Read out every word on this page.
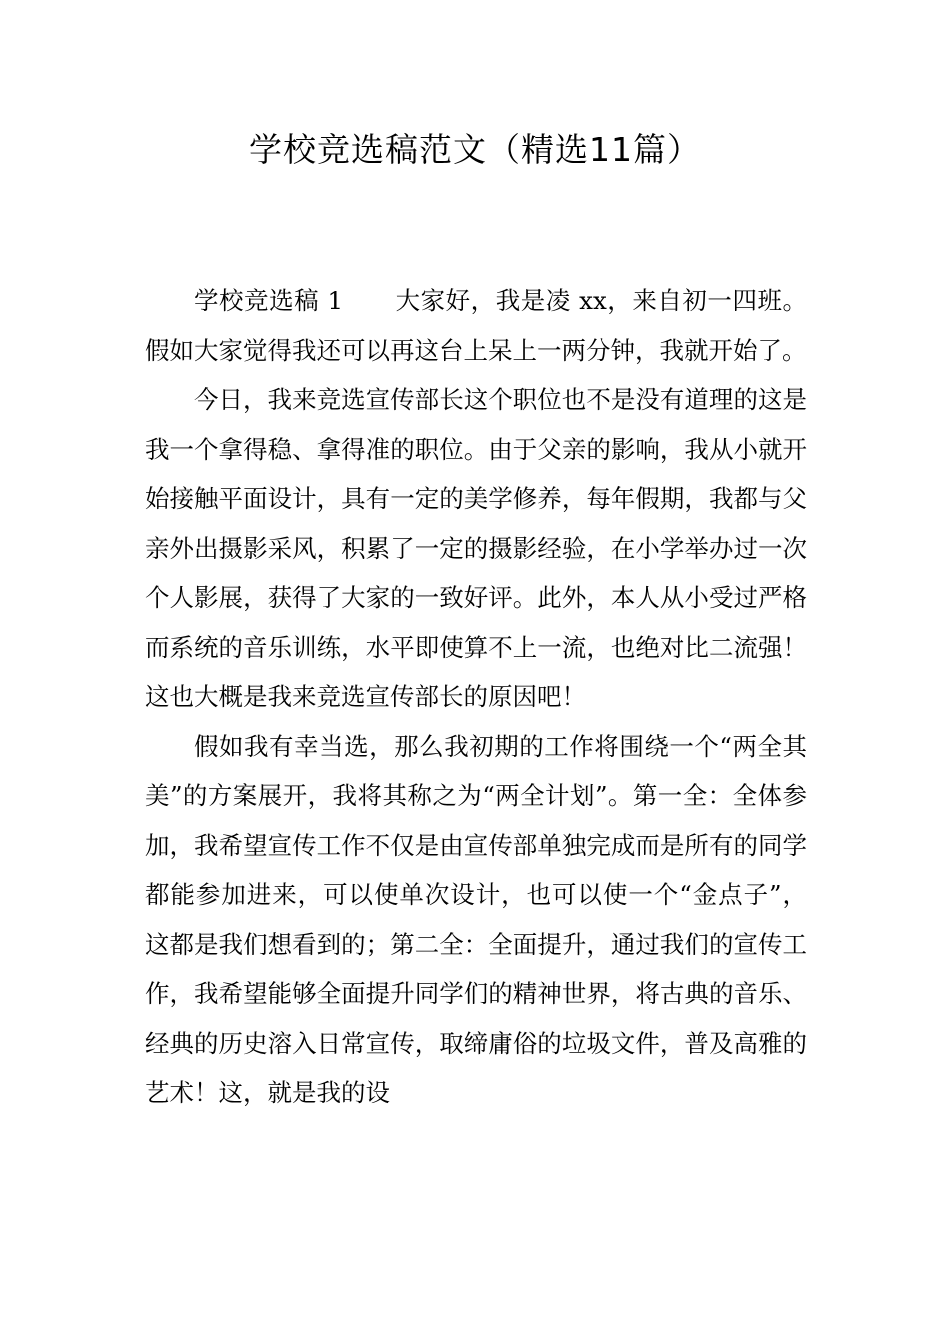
学校竞选稿范文（精选11篇）

学校竞选稿 1 大家好，我是凌 xx，来自初一四班。假如大家觉得我还可以再这台上呆上一两分钟，我就开始了。

今日，我来竞选宣传部长这个职位也不是没有道理的这是我一个拿得稳、拿得准的职位。由于父亲的影响，我从小就开始接触平面设计，具有一定的美学修养，每年假期，我都与父亲外出摄影采风，积累了一定的摄影经验，在小学举办过一次个人影展，获得了大家的一致好评。此外，本人从小受过严格而系统的音乐训练，水平即使算不上一流，也绝对比二流强！这也大概是我来竞选宣传部长的原因吧！

假如我有幸当选，那么我初期的工作将围绕一个“两全其美”的方案展开，我将其称之为“两全计划”。第一全：全体参加，我希望宣传工作不仅是由宣传部单独完成而是所有的同学都能参加进来，可以使单次设计，也可以使一个“金点子”，这都是我们想看到的；第二全：全面提升，通过我们的宣传工作，我希望能够全面提升同学们的精神世界，将古典的音乐、经典的历史溶入日常宣传，取缔庸俗的垃圾文件，普及高雅的艺术！这，就是我的设
